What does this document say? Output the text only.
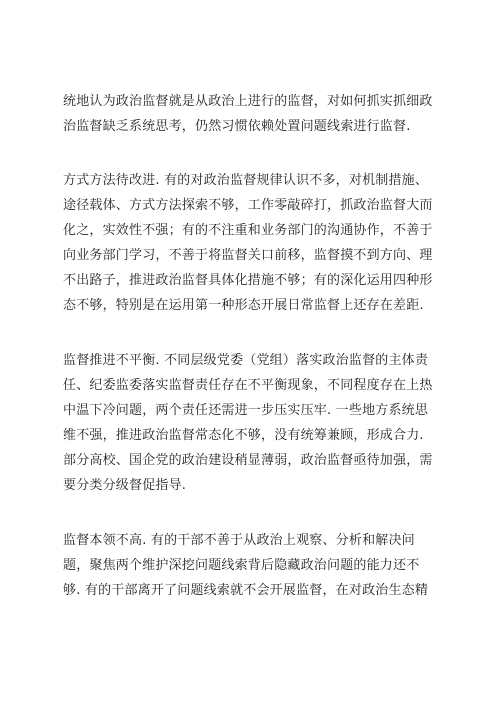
统地认为政治监督就是从政治上进行的监督，对如何抓实抓细政
治监督缺乏系统思考，仍然习惯依赖处置问题线索进行监督.
方式方法待改进. 有的对政治监督规律认识不多，对机制措施、
途径载体、方式方法探索不够，工作零敲碎打，抓政治监督大而
化之，实效性不强；有的不注重和业务部门的沟通协作，不善于
向业务部门学习，不善于将监督关口前移，监督摸不到方向、理
不出路子，推进政治监督具体化措施不够；有的深化运用四种形
态不够，特别是在运用第一种形态开展日常监督上还存在差距.
监督推进不平衡. 不同层级党委（党组）落实政治监督的主体责
任、纪委监委落实监督责任存在不平衡现象，不同程度存在上热
中温下冷问题，两个责任还需进一步压实压牢. 一些地方系统思
维不强，推进政治监督常态化不够，没有统筹兼顾，形成合力.
部分高校、国企党的政治建设稍显薄弱，政治监督亟待加强，需
要分类分级督促指导.
监督本领不高. 有的干部不善于从政治上观察、分析和解决问
题，聚焦两个维护深挖问题线索背后隐藏政治问题的能力还不
够. 有的干部离开了问题线索就不会开展监督，在对政治生态精
